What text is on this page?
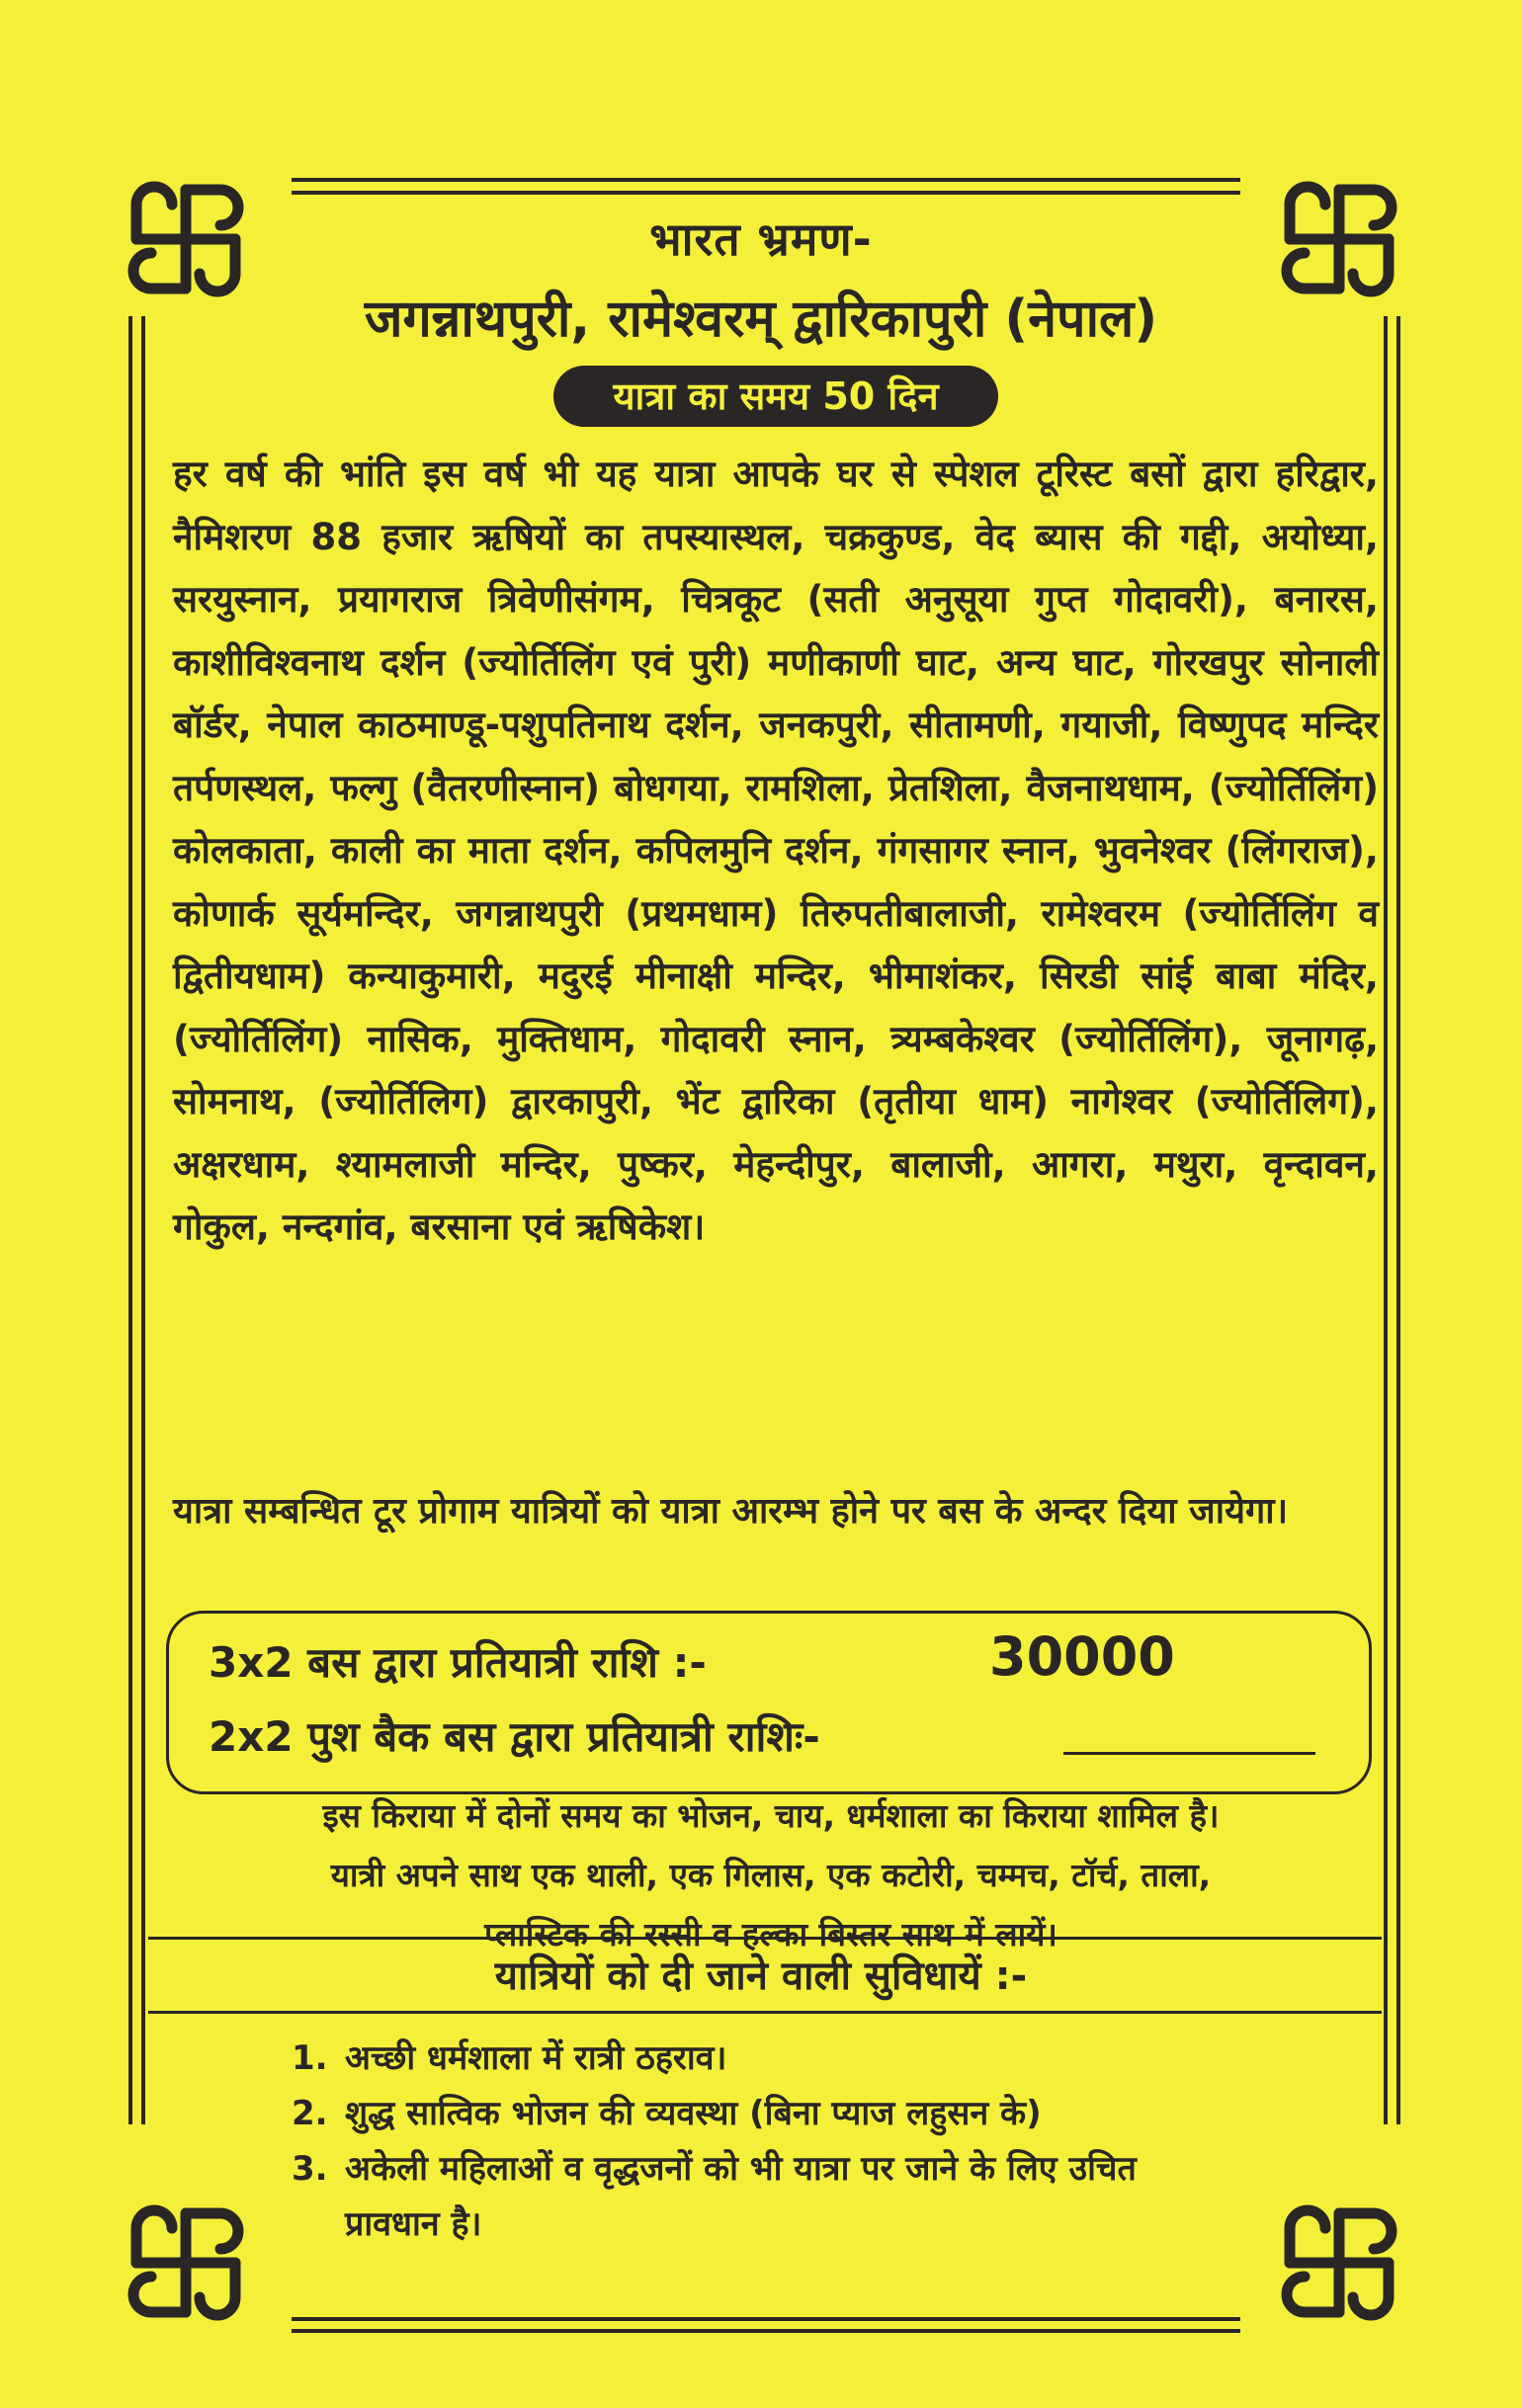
भारत भ्रमण-
जगन्नाथपुरी, रामेश्वरम् द्वारिकापुरी (नेपाल)
यात्रा का समय 50 दिन
हर वर्ष की भांति इस वर्ष भी यह यात्रा आपके घर से स्पेशल टूरिस्ट बसों द्वारा हरिद्वार, नैमिशरण 88 हजार ऋषियों का तपस्यास्थल, चक्रकुण्ड, वेद ब्यास की गद्दी, अयोध्या, सरयुस्नान, प्रयागराज त्रिवेणीसंगम, चित्रकूट (सती अनुसूया गुप्त गोदावरी), बनारस, काशीविश्वनाथ दर्शन (ज्योर्तिलिंग एवं पुरी) मणीकाणी घाट, अन्य घाट, गोरखपुर सोनाली बॉर्डर, नेपाल काठमाण्डू-पशुपतिनाथ दर्शन, जनकपुरी, सीतामणी, गयाजी, विष्णुपद मन्दिर तर्पणस्थल, फल्गु (वैतरणीस्नान) बोधगया, रामशिला, प्रेतशिला, वैजनाथधाम, (ज्योर्तिलिंग) कोलकाता, काली का माता दर्शन, कपिलमुनि दर्शन, गंगसागर स्नान, भुवनेश्वर (लिंगराज), कोणार्क सूर्यमन्दिर, जगन्नाथपुरी (प्रथमधाम) तिरुपतीबालाजी, रामेश्वरम (ज्योर्तिलिंग व द्वितीयधाम) कन्याकुमारी, मदुरई मीनाक्षी मन्दिर, भीमाशंकर, सिरडी सांई बाबा मंदिर, (ज्योर्तिलिंग) नासिक, मुक्तिधाम, गोदावरी स्नान, त्र्यम्बकेश्वर (ज्योर्तिलिंग), जूनागढ़, सोमनाथ, (ज्योर्तिलिग) द्वारकापुरी, भेंट द्वारिका (तृतीया धाम) नागेश्वर (ज्योर्तिलिग), अक्षरधाम, श्यामलाजी मन्दिर, पुष्कर, मेहन्दीपुर, बालाजी, आगरा, मथुरा, वृन्दावन, गोकुल, नन्दगांव, बरसाना एवं ऋषिकेश।
यात्रा सम्बन्धित टूर प्रोगाम यात्रियों को यात्रा आरम्भ होने पर बस के अन्दर दिया जायेगा।
3x2 बस द्वारा प्रतियात्री राशि :-	30000
2x2 पुश बैक बस द्वारा प्रतियात्री राशिः-
इस किराया में दोनों समय का भोजन, चाय, धर्मशाला का किराया शामिल है।
यात्री अपने साथ एक थाली, एक गिलास, एक कटोरी, चम्मच, टॉर्च, ताला,
प्लास्टिक की रस्सी व हल्का बिस्तर साथ में लायें।
यात्रियों को दी जाने वाली सुविधायें :-
1. अच्छी धर्मशाला में रात्री ठहराव।
2. शुद्ध सात्विक भोजन की व्यवस्था (बिना प्याज लहुसन के)
3. अकेली महिलाओं व वृद्धजनों को भी यात्रा पर जाने के लिए उचित प्रावधान है।
